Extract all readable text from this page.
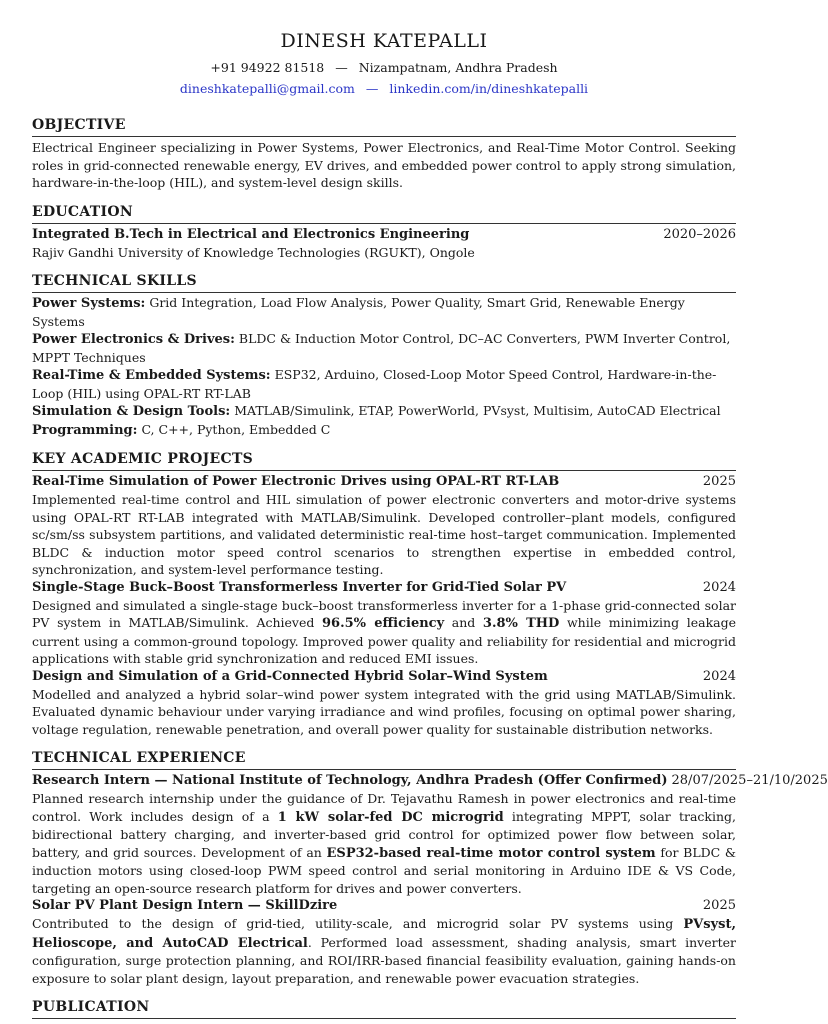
DINESH KATEPALLI
+91 94922 81518 — Nizampatnam, Andhra Pradesh
dineshkatepalli@gmail.com — linkedin.com/in/dineshkatepalli
OBJECTIVE
Electrical Engineer specializing in Power Systems, Power Electronics, and Real-Time Motor Control. Seeking roles in grid-connected renewable energy, EV drives, and embedded power control to apply strong simulation, hardware-in-the-loop (HIL), and system-level design skills.
EDUCATION
Integrated B.Tech in Electrical and Electronics Engineering	2020–2026
Rajiv Gandhi University of Knowledge Technologies (RGUKT), Ongole
TECHNICAL SKILLS
Power Systems: Grid Integration, Load Flow Analysis, Power Quality, Smart Grid, Renewable Energy Systems
Power Electronics & Drives: BLDC & Induction Motor Control, DC–AC Converters, PWM Inverter Control, MPPT Techniques
Real-Time & Embedded Systems: ESP32, Arduino, Closed-Loop Motor Speed Control, Hardware-in-the-Loop (HIL) using OPAL-RT RT-LAB
Simulation & Design Tools: MATLAB/Simulink, ETAP, PowerWorld, PVsyst, Multisim, AutoCAD Electrical
Programming: C, C++, Python, Embedded C
KEY ACADEMIC PROJECTS
Real-Time Simulation of Power Electronic Drives using OPAL-RT RT-LAB	2025
Implemented real-time control and HIL simulation of power electronic converters and motor-drive systems using OPAL-RT RT-LAB integrated with MATLAB/Simulink. Developed controller–plant models, configured sc/sm/ss subsystem partitions, and validated deterministic real-time host–target communication. Implemented BLDC & induction motor speed control scenarios to strengthen expertise in embedded control, synchronization, and system-level performance testing.
Single-Stage Buck–Boost Transformerless Inverter for Grid-Tied Solar PV	2024
Designed and simulated a single-stage buck–boost transformerless inverter for a 1-phase grid-connected solar PV system in MATLAB/Simulink. Achieved 96.5% efficiency and 3.8% THD while minimizing leakage current using a common-ground topology. Improved power quality and reliability for residential and microgrid applications with stable grid synchronization and reduced EMI issues.
Design and Simulation of a Grid-Connected Hybrid Solar–Wind System	2024
Modelled and analyzed a hybrid solar–wind power system integrated with the grid using MATLAB/Simulink. Evaluated dynamic behaviour under varying irradiance and wind profiles, focusing on optimal power sharing, voltage regulation, renewable penetration, and overall power quality for sustainable distribution networks.
TECHNICAL EXPERIENCE
Research Intern — National Institute of Technology, Andhra Pradesh (Offer Confirmed) 28/07/2025–21/10/2025
Planned research internship under the guidance of Dr. Tejavathu Ramesh in power electronics and real-time control. Work includes design of a 1 kW solar-fed DC microgrid integrating MPPT, solar tracking, bidirectional battery charging, and inverter-based grid control for optimized power flow between solar, battery, and grid sources. Development of an ESP32-based real-time motor control system for BLDC & induction motors using closed-loop PWM speed control and serial monitoring in Arduino IDE & VS Code, targeting an open-source research platform for drives and power converters.
Solar PV Plant Design Intern — SkillDzire	2025
Contributed to the design of grid-tied, utility-scale, and microgrid solar PV systems using PVsyst, Helioscope, and AutoCAD Electrical. Performed load assessment, shading analysis, smart inverter configuration, surge protection planning, and ROI/IRR-based financial feasibility evaluation, gaining hands-on exposure to solar plant design, layout preparation, and renewable power evacuation strategies.
PUBLICATION
